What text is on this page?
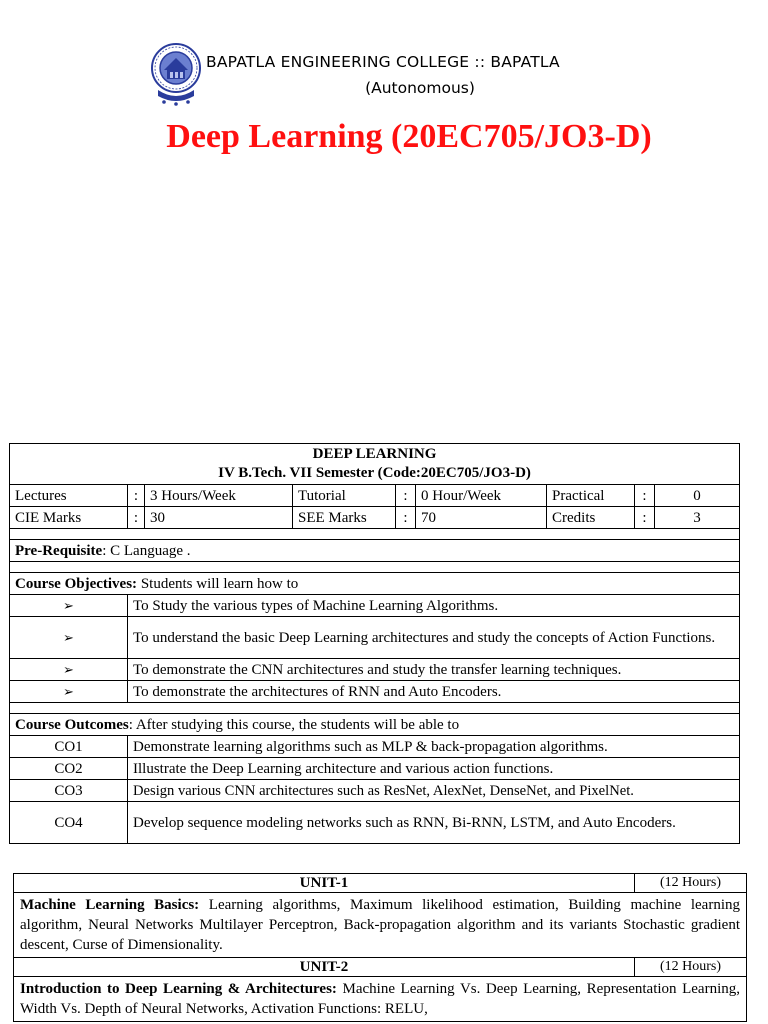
BAPATLA ENGINEERING COLLEGE :: BAPATLA
(Autonomous)
Deep Learning (20EC705/JO3-D)
DEEP LEARNING
IV B.Tech. VII Semester (Code:20EC705/JO3-D)								

Lectures	:	3 Hours/Week	Tutorial	:	0 Hour/Week	Practical	:	0
CIE Marks	:	30	SEE Marks	:	70	Credits	:	3

Pre-Requisite: C Language .								

Course Objectives: Students will learn how to								
➢	To Study the various types of Machine Learning Algorithms.							
➢	To understand the basic Deep Learning architectures and study the concepts of Action Functions.							
➢	To demonstrate the CNN architectures and study the transfer learning techniques.							
➢	To demonstrate the architectures of RNN and Auto Encoders.							

Course Outcomes: After studying this course, the students will be able to								
CO1	Demonstrate learning algorithms such as MLP & back-propagation algorithms.							
CO2	Illustrate the Deep Learning architecture and various action functions.							
CO3	Design various CNN architectures such as ResNet, AlexNet, DenseNet, and PixelNet.							
CO4	Develop sequence modeling networks such as RNN, Bi-RNN, LSTM, and Auto Encoders.							
UNIT-1	(12 Hours)
Machine Learning Basics: Learning algorithms, Maximum likelihood estimation, Building machine learning algorithm, Neural Networks Multilayer Perceptron, Back-propagation algorithm and its variants Stochastic gradient descent, Curse of Dimensionality.	
UNIT-2	(12 Hours)
Introduction to Deep Learning & Architectures: Machine Learning Vs. Deep Learning, Representation Learning, Width Vs. Depth of Neural Networks, Activation Functions: RELU,	
